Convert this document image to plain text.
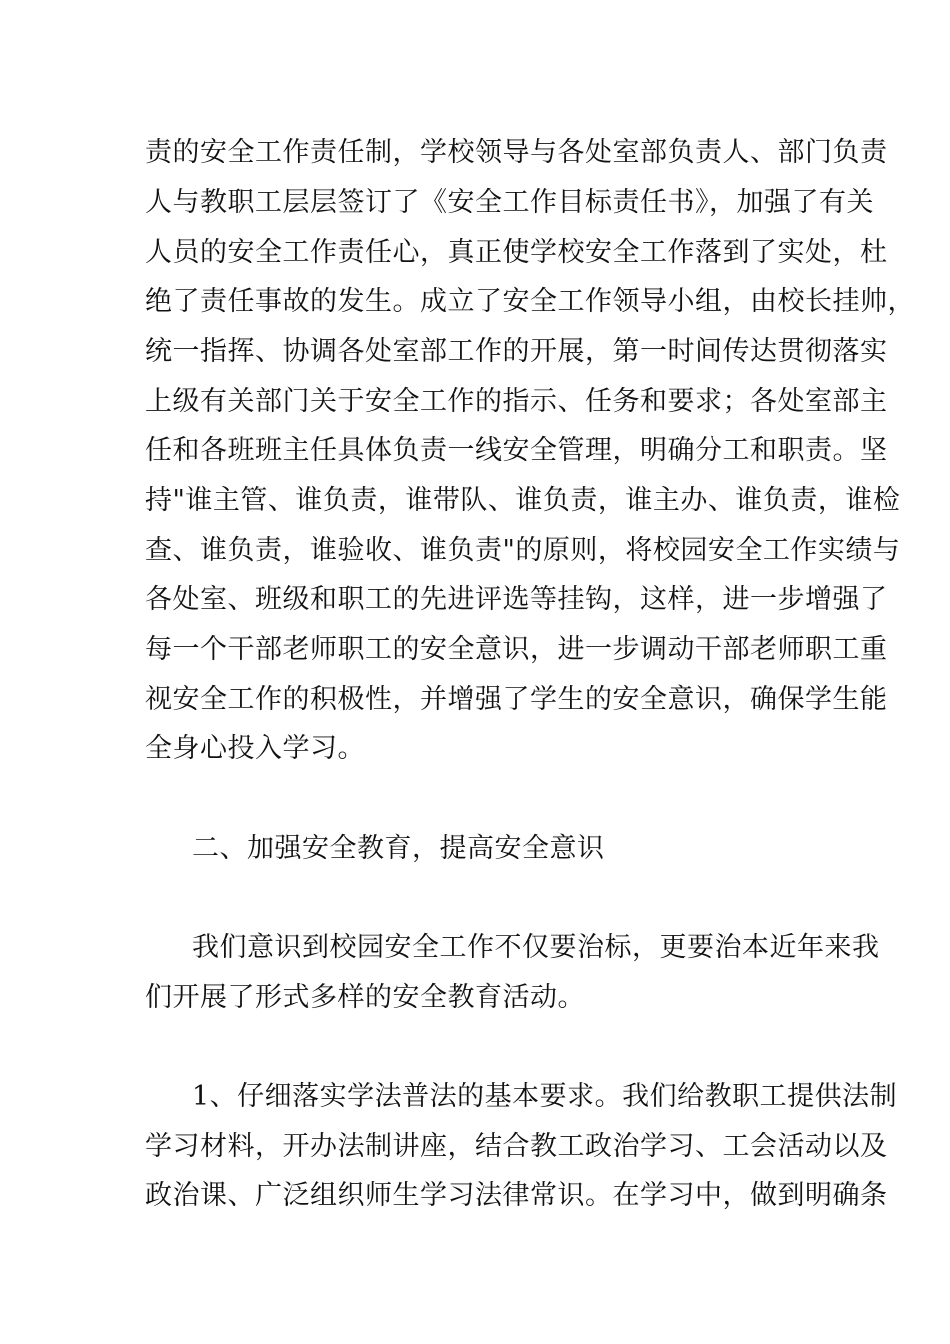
责的安全工作责任制，学校领导与各处室部负责人、部门负责
人与教职工层层签订了《安全工作目标责任书》，加强了有关
人员的安全工作责任心，真正使学校安全工作落到了实处，杜
绝了责任事故的发生。成立了安全工作领导小组，由校长挂帅，
统一指挥、协调各处室部工作的开展，第一时间传达贯彻落实
上级有关部门关于安全工作的指示、任务和要求；各处室部主
任和各班班主任具体负责一线安全管理，明确分工和职责。坚
持"谁主管、谁负责，谁带队、谁负责，谁主办、谁负责，谁检
查、谁负责，谁验收、谁负责"的原则，将校园安全工作实绩与
各处室、班级和职工的先进评选等挂钩，这样，进一步增强了
每一个干部老师职工的安全意识，进一步调动干部老师职工重
视安全工作的积极性，并增强了学生的安全意识，确保学生能
全身心投入学习。
二、加强安全教育，提高安全意识
我们意识到校园安全工作不仅要治标，更要治本近年来我
们开展了形式多样的安全教育活动。
1、仔细落实学法普法的基本要求。我们给教职工提供法制
学习材料，开办法制讲座，结合教工政治学习、工会活动以及
政治课、广泛组织师生学习法律常识。在学习中，做到明确条
